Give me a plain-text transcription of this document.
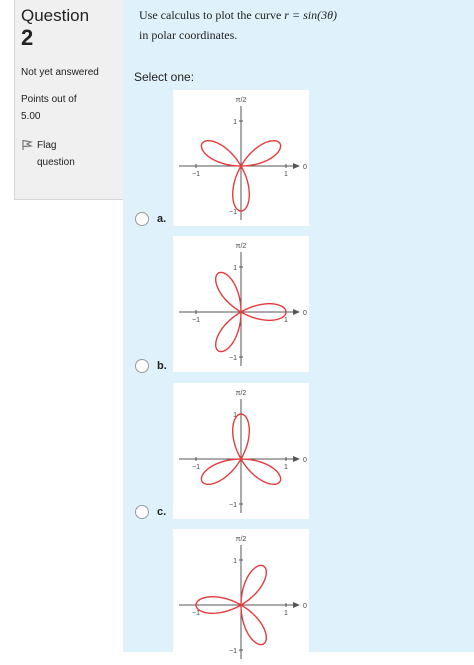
Question
2
Not yet answered
Points out of
5.00
Flag question
Use calculus to plot the curve r = sin(3θ)
in polar coordinates.
Select one:
π/2
0
1
−1
1
−1
a.
π/2
0
1
−1
1
−1
b.
π/2
0
1
−1
1
−1
c.
π/2
0
1
−1
1
−1
